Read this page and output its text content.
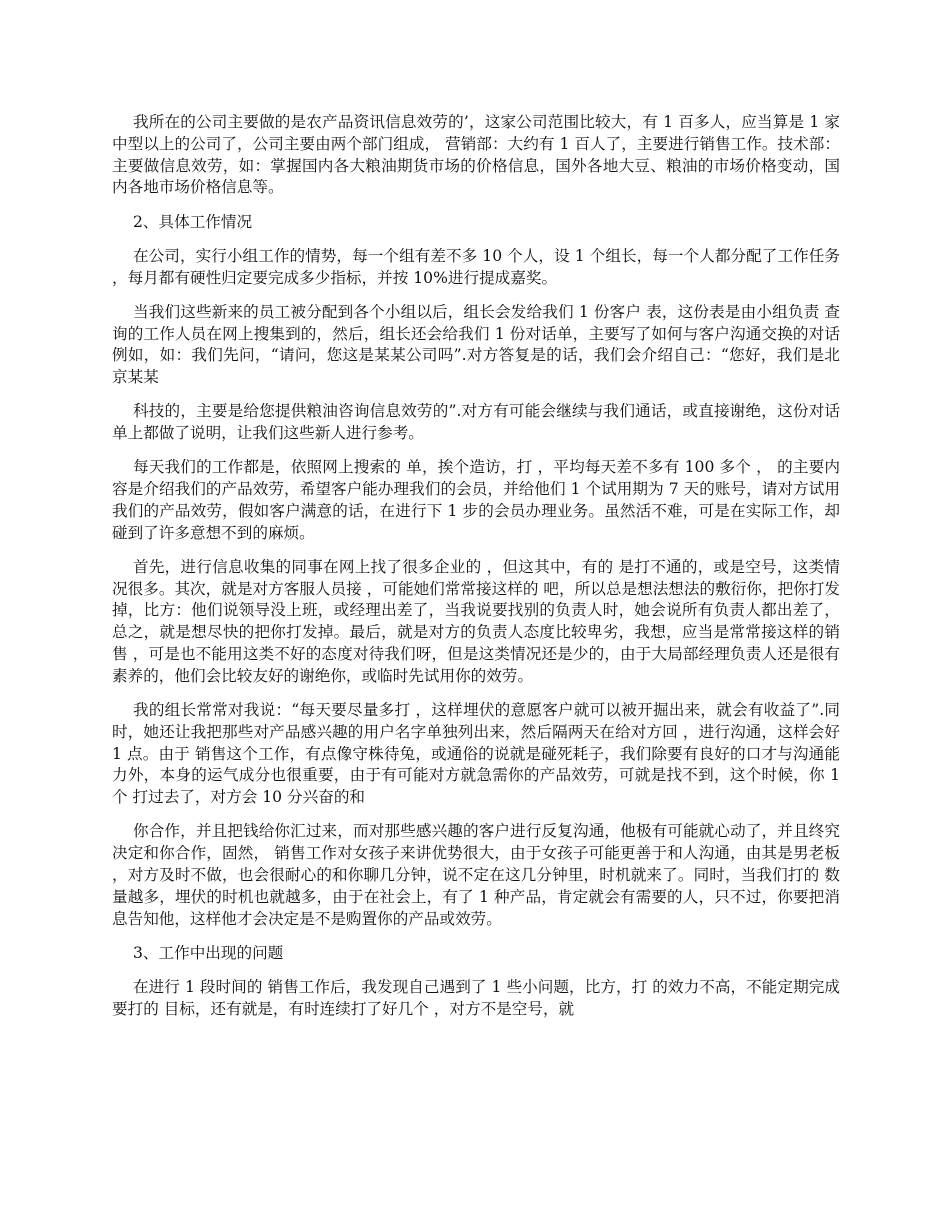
我所在的公司主要做的是农产品资讯信息效劳的’，这家公司范围比较大，有 1 百多人，应当算是 1 家中型以上的公司了，公司主要由两个部门组成， 营销部：大约有 1 百人了，主要进行销售工作。技术部：主要做信息效劳，如：掌握国内各大粮油期货市场的价格信息，国外各地大豆、粮油的市场价格变动，国内各地市场价格信息等。

2、具体工作情况

在公司，实行小组工作的情势，每一个组有差不多 10 个人，设 1 个组长，每一个人都分配了工作任务，每月都有硬性归定要完成多少指标，并按 10%进行提成嘉奖。

当我们这些新来的员工被分配到各个小组以后，组长会发给我们 1 份客户 表，这份表是由小组负责 查询的工作人员在网上搜集到的，然后，组长还会给我们 1 份对话单，主要写了如何与客户沟通交换的对话例如，如：我们先问，“请问，您这是某某公司吗”.对方答复是的话，我们会介绍自己：“您好，我们是北京某某

科技的，主要是给您提供粮油咨询信息效劳的”.对方有可能会继续与我们通话，或直接谢绝，这份对话单上都做了说明，让我们这些新人进行参考。

每天我们的工作都是，依照网上搜索的 单，挨个造访，打 ，平均每天差不多有 100 多个 ， 的主要内容是介绍我们的产品效劳，希望客户能办理我们的会员，并给他们 1 个试用期为 7 天的账号，请对方试用我们的产品效劳，假如客户满意的话，在进行下 1 步的会员办理业务。虽然活不难，可是在实际工作，却碰到了许多意想不到的麻烦。

首先，进行信息收集的同事在网上找了很多企业的 ，但这其中，有的 是打不通的，或是空号，这类情况很多。其次，就是对方客服人员接 ，可能她们常常接这样的 吧，所以总是想法想法的敷衍你，把你打发掉，比方：他们说领导没上班，或经理出差了，当我说要找别的负责人时，她会说所有负责人都出差了，总之，就是想尽快的把你打发掉。最后，就是对方的负责人态度比较卑劣，我想，应当是常常接这样的销售 ，可是也不能用这类不好的态度对待我们呀，但是这类情况还是少的，由于大局部经理负责人还是很有素养的，他们会比较友好的谢绝你，或临时先试用你的效劳。

我的组长常常对我说：“每天要尽量多打 ，这样埋伏的意愿客户就可以被开掘出来，就会有收益了”.同时，她还让我把那些对产品感兴趣的用户名字单独列出来，然后隔两天在给对方回 ，进行沟通，这样会好 1 点。由于 销售这个工作，有点像守株待兔，或通俗的说就是碰死耗子，我们除要有良好的口才与沟通能力外，本身的运气成分也很重要，由于有可能对方就急需你的产品效劳，可就是找不到，这个时候，你 1 个 打过去了，对方会 10 分兴奋的和

你合作，并且把钱给你汇过来，而对那些感兴趣的客户进行反复沟通，他极有可能就心动了，并且终究决定和你合作，固然， 销售工作对女孩子来讲优势很大，由于女孩子可能更善于和人沟通，由其是男老板，对方及时不做，也会很耐心的和你聊几分钟，说不定在这几分钟里，时机就来了。同时，当我们打的 数量越多，埋伏的时机也就越多，由于在社会上，有了 1 种产品，肯定就会有需要的人，只不过，你要把消息告知他，这样他才会决定是不是购置你的产品或效劳。

3、工作中出现的问题

在进行 1 段时间的 销售工作后，我发现自己遇到了 1 些小问题，比方，打 的效力不高，不能定期完成要打的 目标，还有就是，有时连续打了好几个 ，对方不是空号，就
